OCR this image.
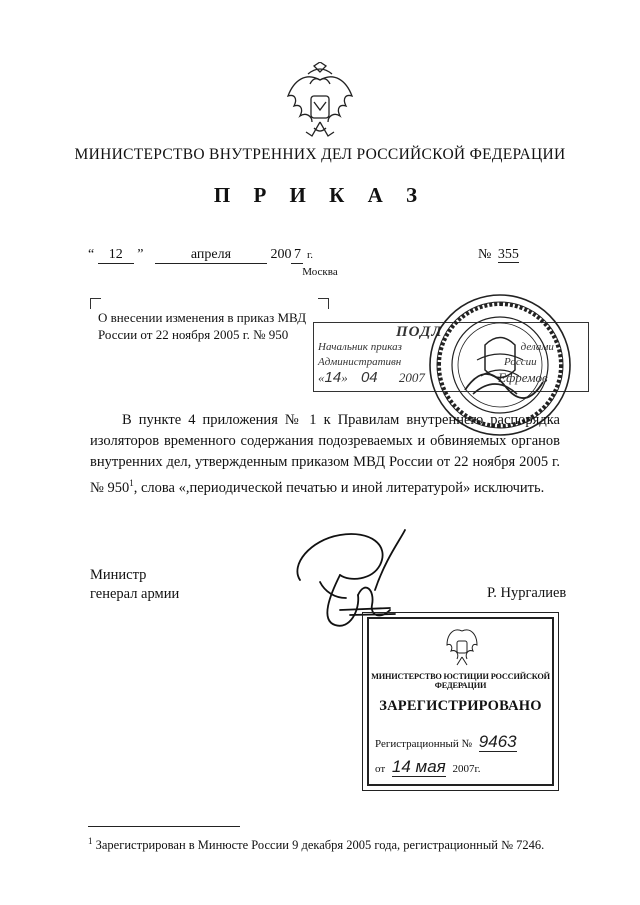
МИНИСТЕРСТВО ВНУТРЕННИХ ДЕЛ РОССИЙСКОЙ ФЕДЕРАЦИИ
П Р И К А З
“ 12 ”	апреля	200 7 г.	№ 355
Москва
О внесении изменения в приказ МВД России от 22 ноября 2005 г. № 950	ПОДЛ
Начальник приказ	делами
Административн	России
«14» 04 2007	Ефремов

В пункте 4 приложения № 1 к Правилам внутреннего распорядка изоляторов временного содержания подозреваемых и обвиняемых органов внутренних дел, утвержденным приказом МВД России от 22 ноября 2005 г. № $950^1$, слова «,периодической печатью и иной литературой» исключить.

Министр
генерал армии	Р. Нургалиев
МИНИСТЕРСТВО ЮСТИЦИИ РОССИЙСКОЙ ФЕДЕРАЦИИ
ЗАРЕГИСТРИРОВАНО
Регистрационный № 9463
от 14 мая 2007г.
$^1$ Зарегистрирован в Минюсте России 9 декабря 2005 года, регистрационный № 7246.
